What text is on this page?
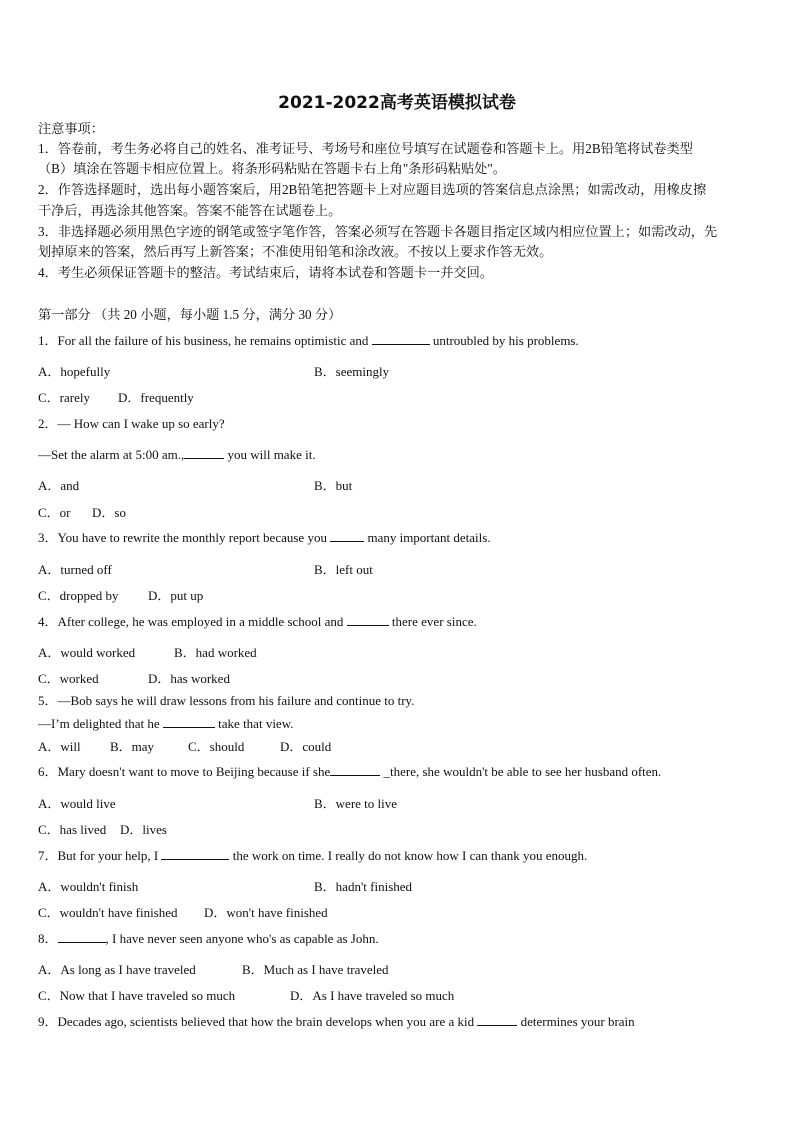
2021-2022高考英语模拟试卷
注意事项：
1．答卷前，考生务必将自己的姓名、准考证号、考场号和座位号填写在试题卷和答题卡上。用2B铅笔将试卷类型
（B）填涂在答题卡相应位置上。将条形码粘贴在答题卡右上角"条形码粘贴处"。
2．作答选择题时，选出每小题答案后，用2B铅笔把答题卡上对应题目选项的答案信息点涂黑；如需改动，用橡皮擦
干净后，再选涂其他答案。答案不能答在试题卷上。
3．非选择题必须用黑色字迹的钢笔或签字笔作答，答案必须写在答题卡各题目指定区域内相应位置上；如需改动，先
划掉原来的答案，然后再写上新答案；不准使用铅笔和涂改液。不按以上要求作答无效。
4．考生必须保证答题卡的整洁。考试结束后，请将本试卷和答题卡一并交回。
第一部分 （共 20 小题，每小题 1.5 分，满分 30 分）
1．For all the failure of his business, he remains optimistic and	untroubled by his problems.
A．hopefully	B．seemingly
C．rarely D．frequently
2．— How can I wake up so early?
—Set the alarm at 5:00 am.,	you will make it.
A．and	B．but
C．or D．so
3．You have to rewrite the monthly report because you	many important details.
A．turned off	B．left out
C．dropped by D．put up
4．After college, he was employed in a middle school and	there ever since.
A．would worked	B．had worked
C．worked	D．has worked
5．—Bob says he will draw lessons from his failure and continue to try.
—I’m delighted that he	take that view.
A．will B．may	C．should	D．could
6．Mary doesn't want to move to Beijing because if she	_there, she wouldn't be able to see her husband often.
A．would live	B．were to live
C．has lived D．lives
7．But for your help, I	the work on time. I really do not know how I can thank you enough.
A．wouldn't finish	B．hadn't finished
C．wouldn't have finished D．won't have finished
8．	, I have never seen anyone who's as capable as John.
A．As long as I have traveled	B．Much as I have traveled
C．Now that I have traveled so much	D．As I have traveled so much
9．Decades ago, scientists believed that how the brain develops when you are a kid	determines your brain
